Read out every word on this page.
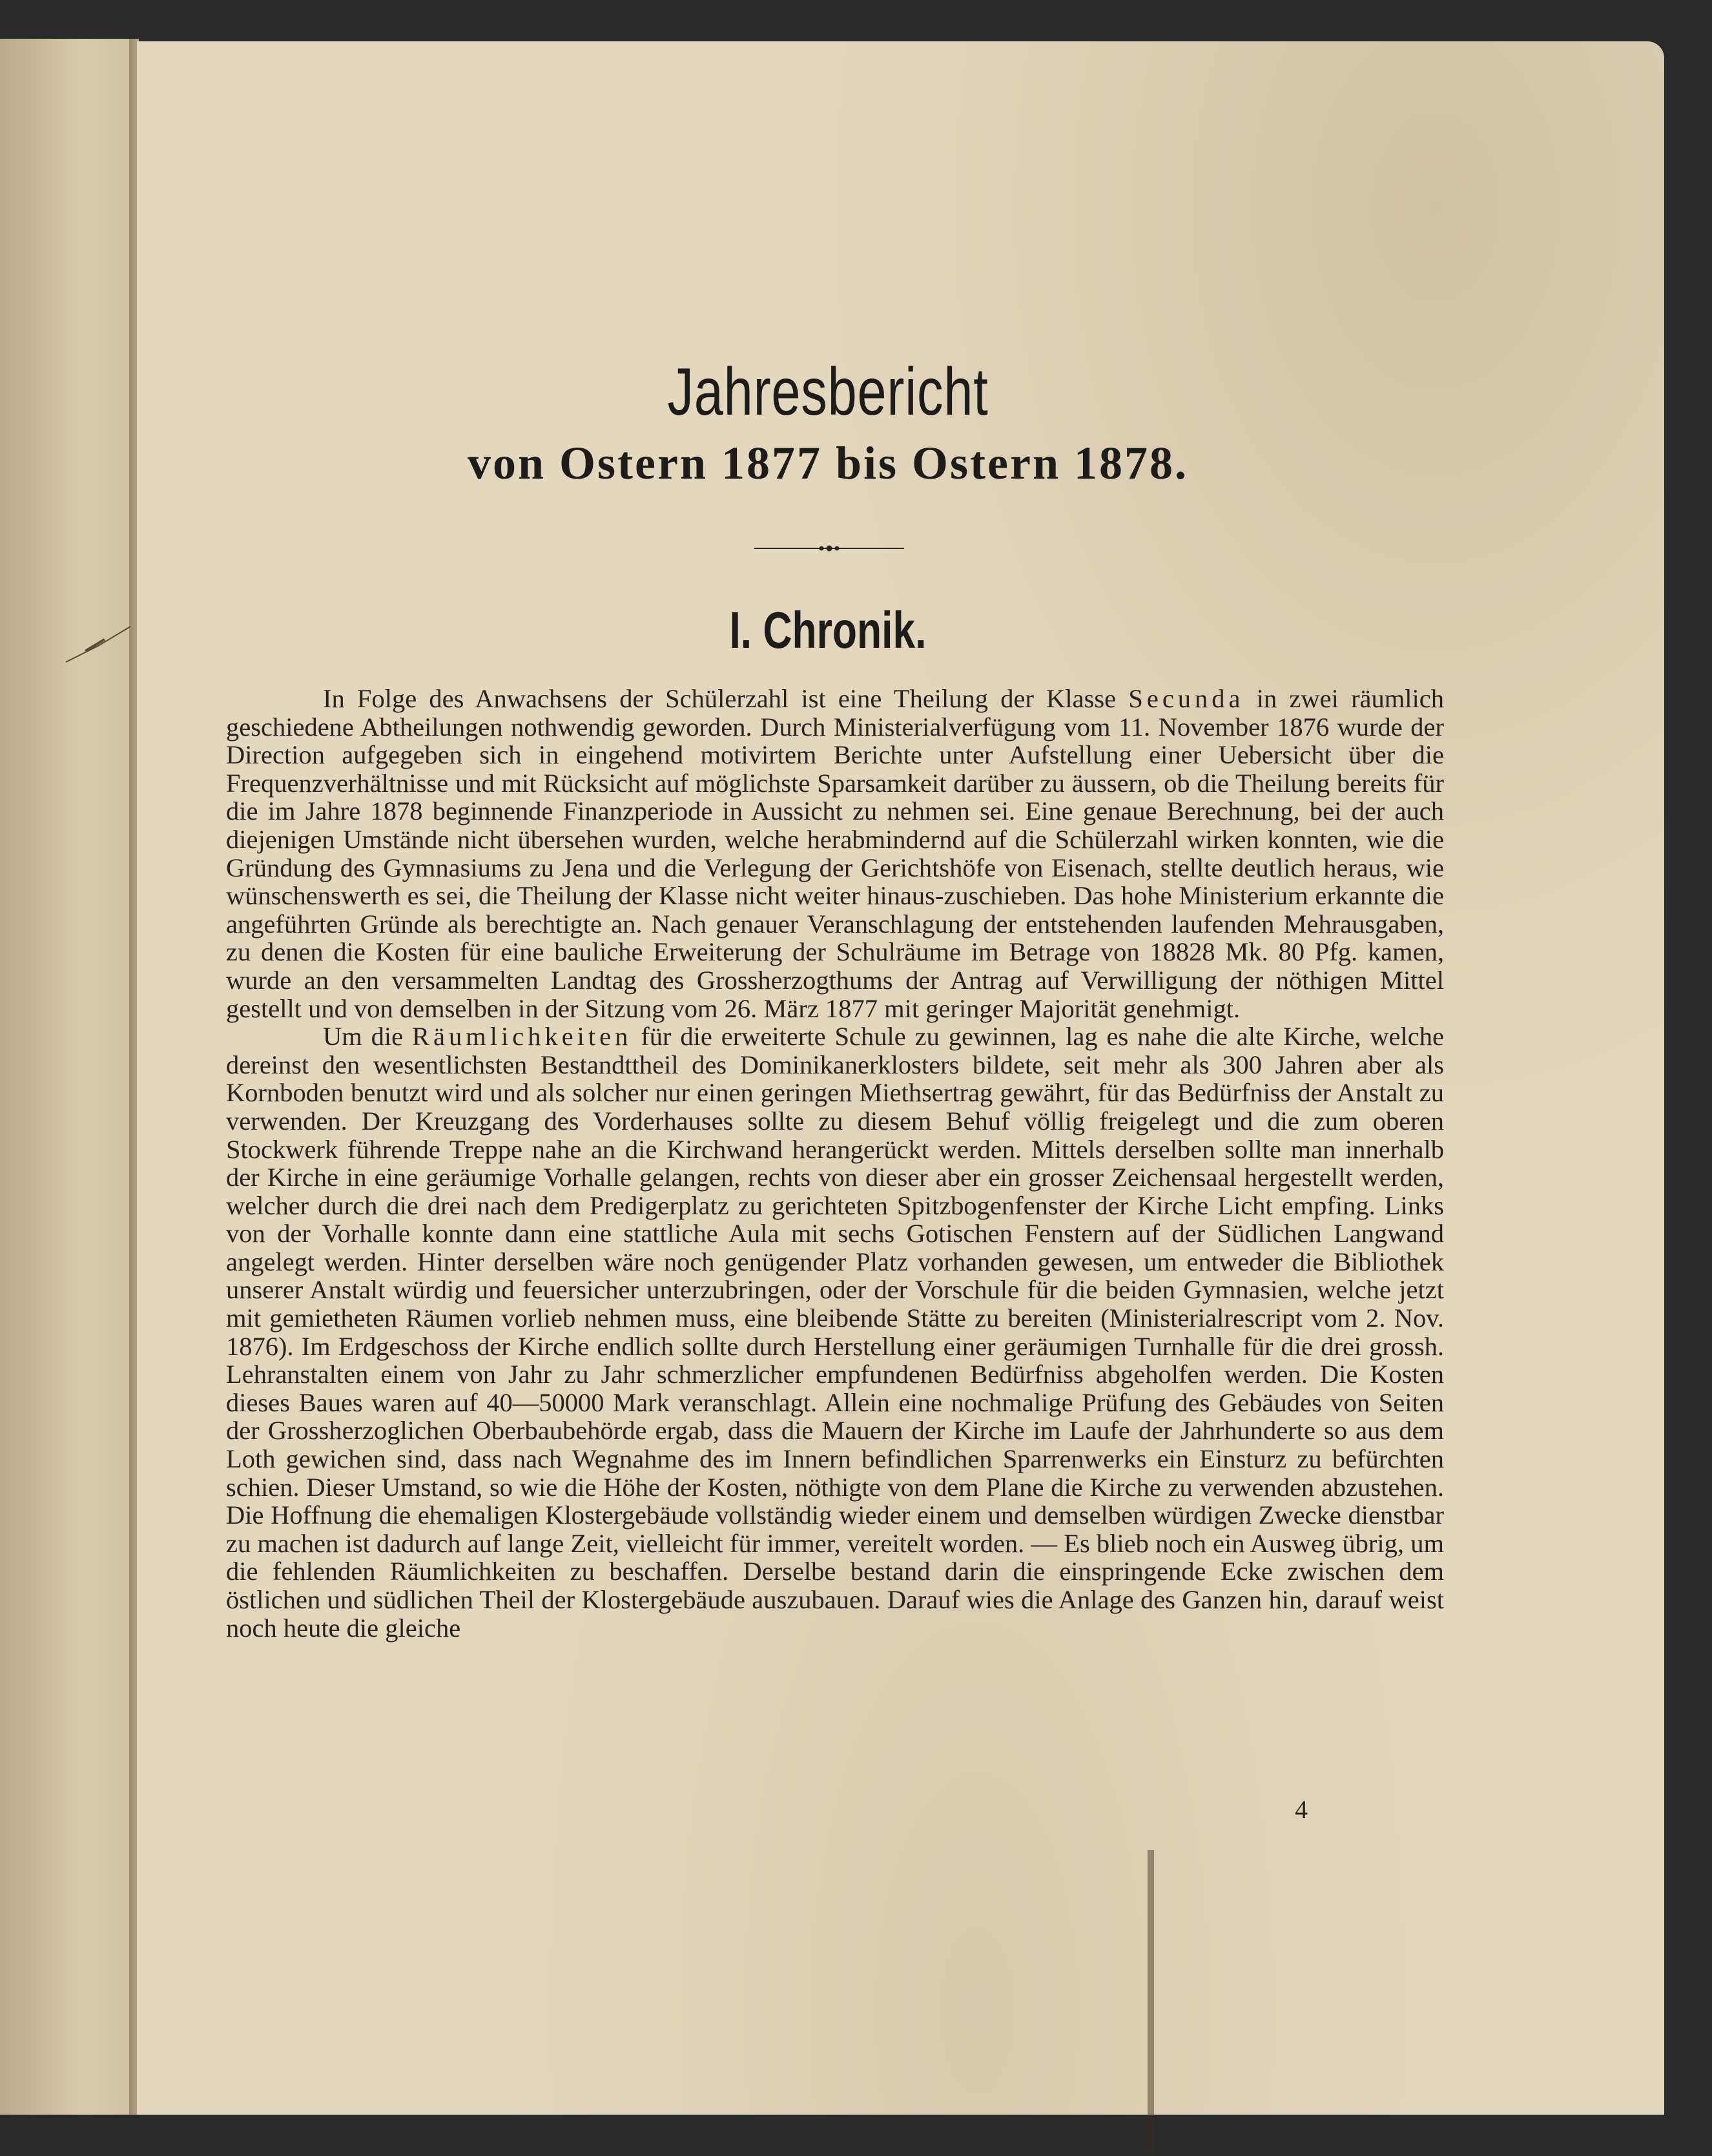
Jahresbericht
von Ostern 1877 bis Ostern 1878.
I. Chronik.

In Folge des Anwachsens der Schülerzahl ist eine Theilung der Klasse Secunda in zwei räumlich geschiedene Abtheilungen nothwendig geworden. Durch Ministerialverfügung vom 11. November 1876 wurde der Direction aufgegeben sich in eingehend motivirtem Berichte unter Aufstellung einer Uebersicht über die Frequenzverhältnisse und mit Rücksicht auf möglichste Sparsamkeit darüber zu äussern, ob die Theilung bereits für die im Jahre 1878 beginnende Finanzperiode in Aussicht zu nehmen sei. Eine genaue Berechnung, bei der auch diejenigen Umstände nicht übersehen wurden, welche herabmindernd auf die Schülerzahl wirken konnten, wie die Gründung des Gymnasiums zu Jena und die Verlegung der Gerichtshöfe von Eisenach, stellte deutlich heraus, wie wünschenswerth es sei, die Theilung der Klasse nicht weiter hinaus-zuschieben. Das hohe Ministerium erkannte die angeführten Gründe als berechtigte an. Nach genauer Veranschlagung der entstehenden laufenden Mehrausgaben, zu denen die Kosten für eine bauliche Erweiterung der Schulräume im Betrage von 18828 Mk. 80 Pfg. kamen, wurde an den versammelten Landtag des Grossherzogthums der Antrag auf Verwilligung der nöthigen Mittel gestellt und von demselben in der Sitzung vom 26. März 1877 mit geringer Majorität genehmigt.

Um die Räumlichkeiten für die erweiterte Schule zu gewinnen, lag es nahe die alte Kirche, welche dereinst den wesentlichsten Bestandttheil des Dominikanerklosters bildete, seit mehr als 300 Jahren aber als Kornboden benutzt wird und als solcher nur einen geringen Miethsertrag gewährt, für das Bedürfniss der Anstalt zu verwenden. Der Kreuzgang des Vorderhauses sollte zu diesem Behuf völlig freigelegt und die zum oberen Stockwerk führende Treppe nahe an die Kirchwand herangerückt werden. Mittels derselben sollte man innerhalb der Kirche in eine geräumige Vorhalle gelangen, rechts von dieser aber ein grosser Zeichensaal hergestellt werden, welcher durch die drei nach dem Predigerplatz zu gerichteten Spitzbogenfenster der Kirche Licht empfing. Links von der Vorhalle konnte dann eine stattliche Aula mit sechs Gotischen Fenstern auf der Südlichen Langwand angelegt werden. Hinter derselben wäre noch genügender Platz vorhanden gewesen, um entweder die Bibliothek unserer Anstalt würdig und feuersicher unterzubringen, oder der Vorschule für die beiden Gymnasien, welche jetzt mit gemietheten Räumen vorlieb nehmen muss, eine bleibende Stätte zu bereiten (Ministerialrescript vom 2. Nov. 1876). Im Erdgeschoss der Kirche endlich sollte durch Herstellung einer geräumigen Turnhalle für die drei grossh. Lehranstalten einem von Jahr zu Jahr schmerzlicher empfundenen Bedürfniss abgeholfen werden. Die Kosten dieses Baues waren auf 40—50000 Mark veranschlagt. Allein eine nochmalige Prüfung des Gebäudes von Seiten der Grossherzoglichen Oberbaubehörde ergab, dass die Mauern der Kirche im Laufe der Jahrhunderte so aus dem Loth gewichen sind, dass nach Wegnahme des im Innern befindlichen Sparrenwerks ein Einsturz zu befürchten schien. Dieser Umstand, so wie die Höhe der Kosten, nöthigte von dem Plane die Kirche zu verwenden abzustehen. Die Hoffnung die ehemaligen Klostergebäude vollständig wieder einem und demselben würdigen Zwecke dienstbar zu machen ist dadurch auf lange Zeit, vielleicht für immer, vereitelt worden. — Es blieb noch ein Ausweg übrig, um die fehlenden Räumlichkeiten zu beschaffen. Derselbe bestand darin die einspringende Ecke zwischen dem östlichen und südlichen Theil der Klostergebäude auszubauen. Darauf wies die Anlage des Ganzen hin, darauf weist noch heute die gleiche

4
